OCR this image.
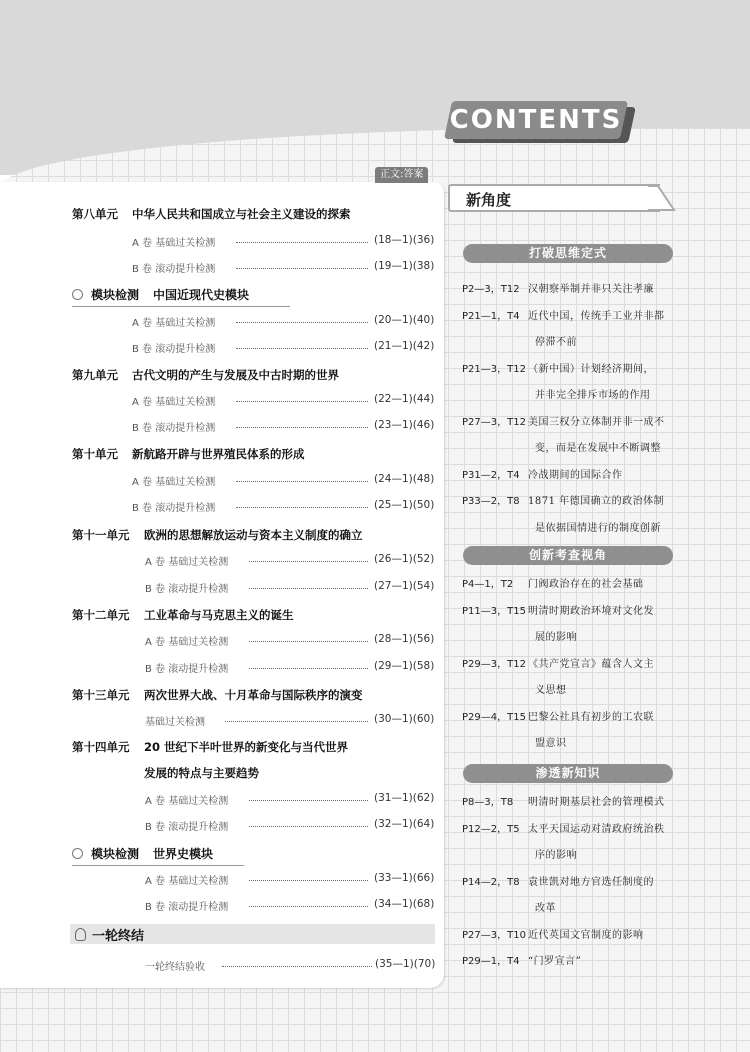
CONTENTS
正文:答案
第八单元 中华人民共和国成立与社会主义建设的探索
A 卷 基础过关检测	(18—1)(36)
B 卷 滚动提升检测	(19—1)(38)
模块检测 中国近现代史模块
A 卷 基础过关检测	(20—1)(40)
B 卷 滚动提升检测	(21—1)(42)
第九单元 古代文明的产生与发展及中古时期的世界
A 卷 基础过关检测	(22—1)(44)
B 卷 滚动提升检测	(23—1)(46)
第十单元 新航路开辟与世界殖民体系的形成
A 卷 基础过关检测	(24—1)(48)
B 卷 滚动提升检测	(25—1)(50)
第十一单元 欧洲的思想解放运动与资本主义制度的确立
A 卷 基础过关检测	(26—1)(52)
B 卷 滚动提升检测	(27—1)(54)
第十二单元 工业革命与马克思主义的诞生
A 卷 基础过关检测	(28—1)(56)
B 卷 滚动提升检测	(29—1)(58)
第十三单元 两次世界大战、十月革命与国际秩序的演变
基础过关检测	(30—1)(60)
第十四单元 20 世纪下半叶世界的新变化与当代世界
发展的特点与主要趋势
A 卷 基础过关检测	(31—1)(62)
B 卷 滚动提升检测	(32—1)(64)
模块检测 世界史模块
A 卷 基础过关检测	(33—1)(66)
B 卷 滚动提升检测	(34—1)(68)
一轮终结
一轮终结验收	(35—1)(70)
新角度
打破思维定式
P2—3，T12 汉朝察举制并非只关注孝廉
P21—1，T4 近代中国，传统手工业并非都
停滞不前
P21—3，T12 （新中国）计划经济期间，
并非完全排斥市场的作用
P27—3，T12 美国三权分立体制并非一成不
变，而是在发展中不断调整
P31—2，T4 冷战期间的国际合作
P33—2，T8 1871 年德国确立的政治体制
是依据国情进行的制度创新
创新考查视角
P4—1，T2 门阀政治存在的社会基础
P11—3，T15 明清时期政治环境对文化发
展的影响
P29—3，T12 《共产党宣言》蕴含人文主
义思想
P29—4，T15 巴黎公社具有初步的工农联
盟意识
渗透新知识
P8—3，T8 明清时期基层社会的管理模式
P12—2，T5 太平天国运动对清政府统治秩
序的影响
P14—2，T8 袁世凯对地方官选任制度的
改革
P27—3，T10 近代英国文官制度的影响
P29—1，T4 “门罗宣言”
